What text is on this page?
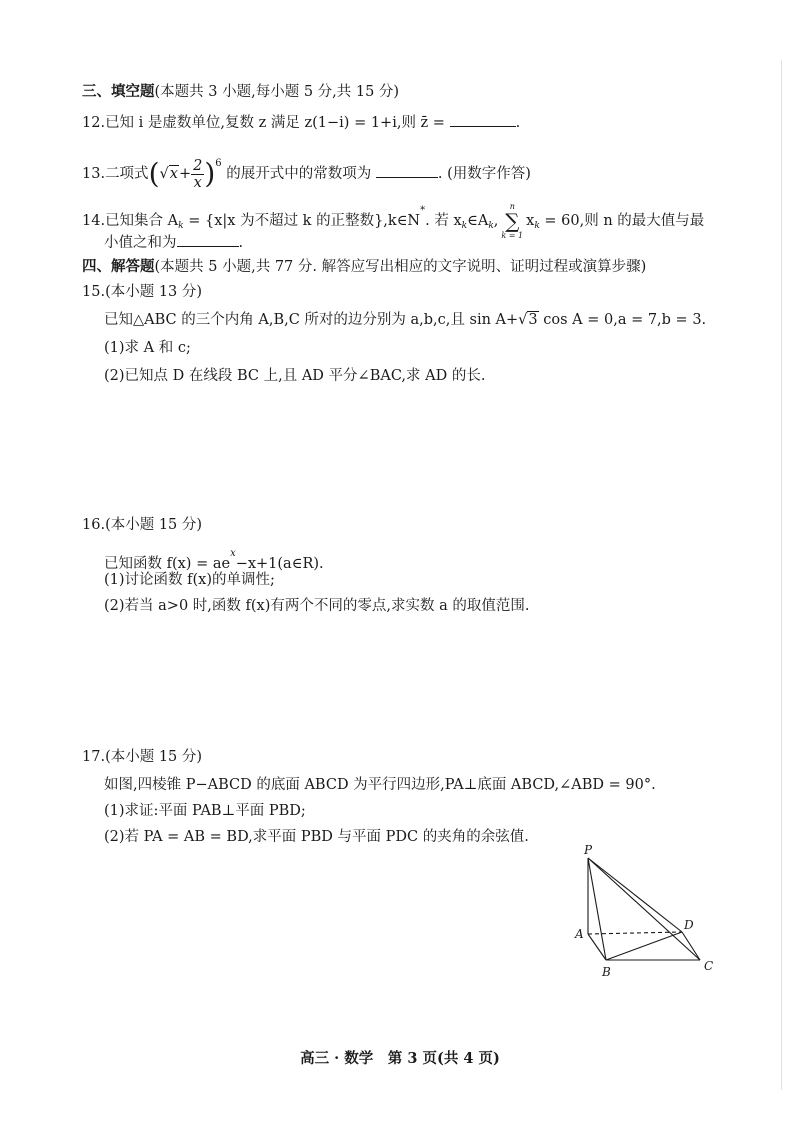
三、填空题(本题共 3 小题,每小题 5 分,共 15 分)
12.已知 i 是虚数单位,复数 z 满足 z(1−i) = 1+i,则 z̄ =	.
13.二项式$(√x+ \frac{2}{x} )^6$ 的展开式中的常数项为	. (用数字作答)
14.已知集合 $A_k = \{x|x$ 为不超过 k 的正整数},k∈N*. 若 $x_k\in A_k$,
n
∑
k = 1
$x_k = 60$,则 n 的最大值与最
小值之和为	.
四、解答题(本题共 5 小题,共 77 分. 解答应写出相应的文字说明、证明过程或演算步骤)
15.(本小题 13 分)
已知△ABC 的三个内角 A,B,C 所对的边分别为 a,b,c,且 sin A+√3 cos A = 0,a = 7,b = 3.
(1)求 A 和 c;
(2)已知点 D 在线段 BC 上,且 AD 平分∠BAC,求 AD 的长.
16.(本小题 15 分)
已知函数 $f(x) = ae^x-x+1(a\in R)$.
(1)讨论函数 f(x)的单调性;
(2)若当 a>0 时,函数 f(x)有两个不同的零点,求实数 a 的取值范围.
17.(本小题 15 分)
如图,四棱锥 P−ABCD 的底面 ABCD 为平行四边形,PA⊥底面 ABCD,∠ABD = 90°.
(1)求证:平面 PAB⊥平面 PBD;
(2)若 PA = AB = BD,求平面 PBD 与平面 PDC 的夹角的余弦值.
P
A
B	C
D
高三 · 数学　第 3 页(共 4 页)
